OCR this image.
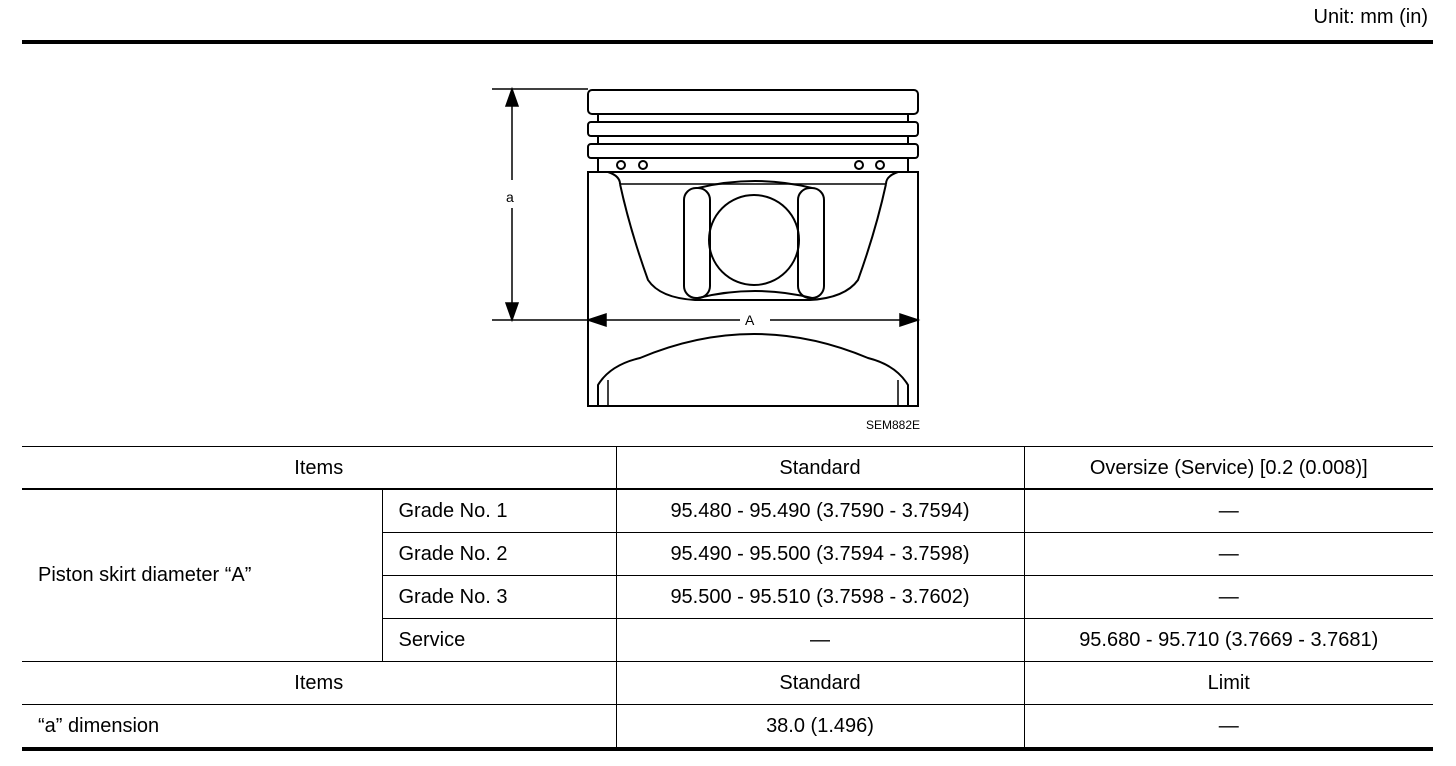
Unit: mm (in)
a
A
SEM882E
Items		Standard	Oversize (Service) [0.2 (0.008)]
Piston skirt diameter “A”	Grade No. 1	95.480 - 95.490 (3.7590 - 3.7594)	—
	Grade No. 2	95.490 - 95.500 (3.7594 - 3.7598)	—
	Grade No. 3	95.500 - 95.510 (3.7598 - 3.7602)	—
	Service	—	95.680 - 95.710 (3.7669 - 3.7681)
Items		Standard	Limit
“a” dimension		38.0 (1.496)	—
